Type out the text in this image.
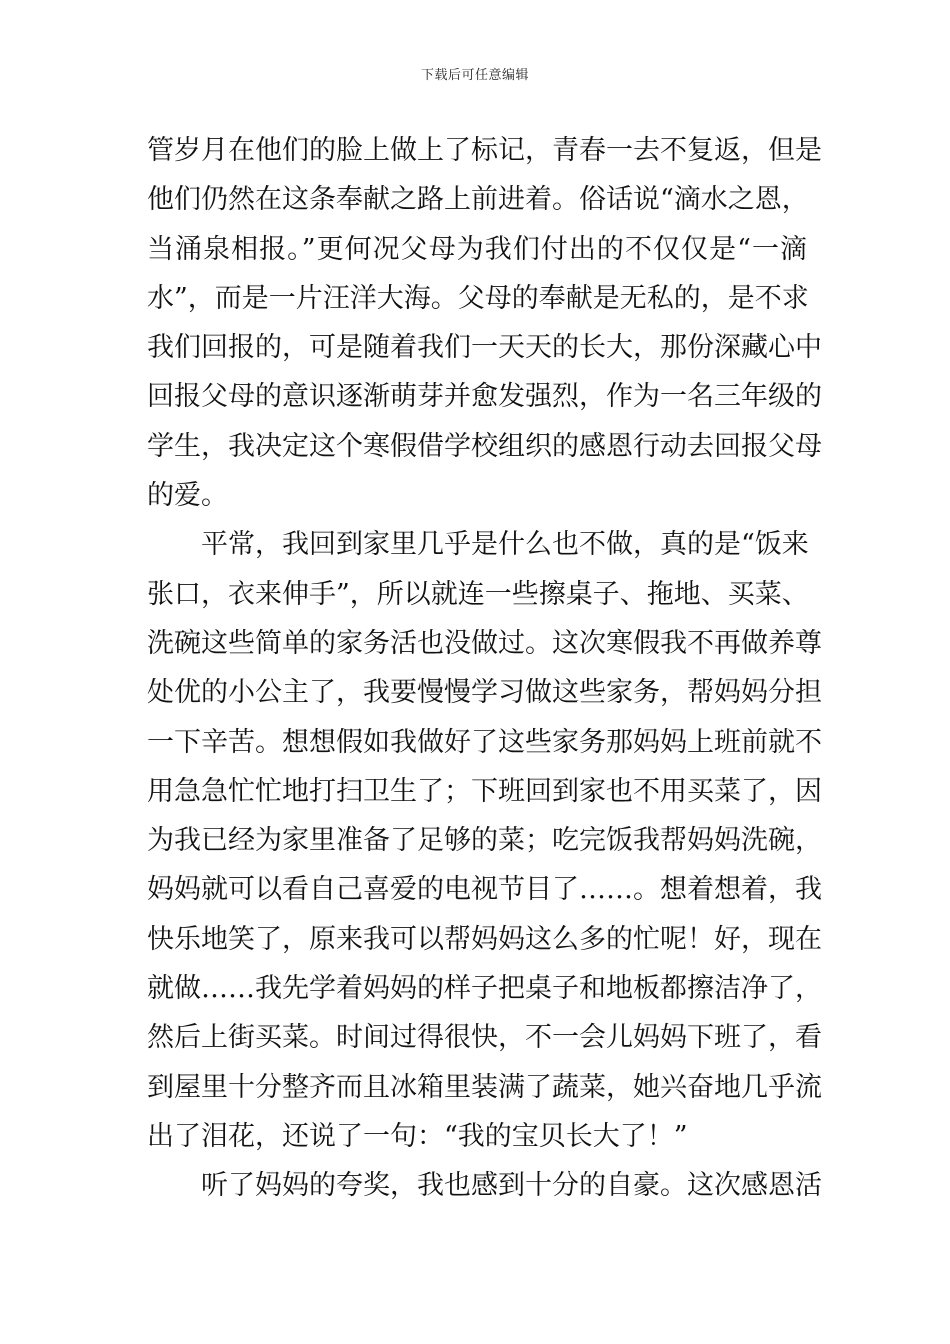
下载后可任意编辑
管岁月在他们的脸上做上了标记，青春一去不复返，但是
他们仍然在这条奉献之路上前进着。俗话说“滴水之恩，
当涌泉相报。”更何况父母为我们付出的不仅仅是“一滴
水”，而是一片汪洋大海。父母的奉献是无私的，是不求
我们回报的，可是随着我们一天天的长大，那份深藏心中
回报父母的意识逐渐萌芽并愈发强烈，作为一名三年级的
学生，我决定这个寒假借学校组织的感恩行动去回报父母
的爱。
平常，我回到家里几乎是什么也不做，真的是“饭来
张口，衣来伸手”，所以就连一些擦桌子、拖地、买菜、
洗碗这些简单的家务活也没做过。这次寒假我不再做养尊
处优的小公主了，我要慢慢学习做这些家务，帮妈妈分担
一下辛苦。想想假如我做好了这些家务那妈妈上班前就不
用急急忙忙地打扫卫生了；下班回到家也不用买菜了，因
为我已经为家里准备了足够的菜；吃完饭我帮妈妈洗碗，
妈妈就可以看自己喜爱的电视节目了……。想着想着，我
快乐地笑了，原来我可以帮妈妈这么多的忙呢！好，现在
就做……我先学着妈妈的样子把桌子和地板都擦洁净了，
然后上街买菜。时间过得很快，不一会儿妈妈下班了，看
到屋里十分整齐而且冰箱里装满了蔬菜，她兴奋地几乎流
出了泪花，还说了一句：“我的宝贝长大了！”
听了妈妈的夸奖，我也感到十分的自豪。这次感恩活
